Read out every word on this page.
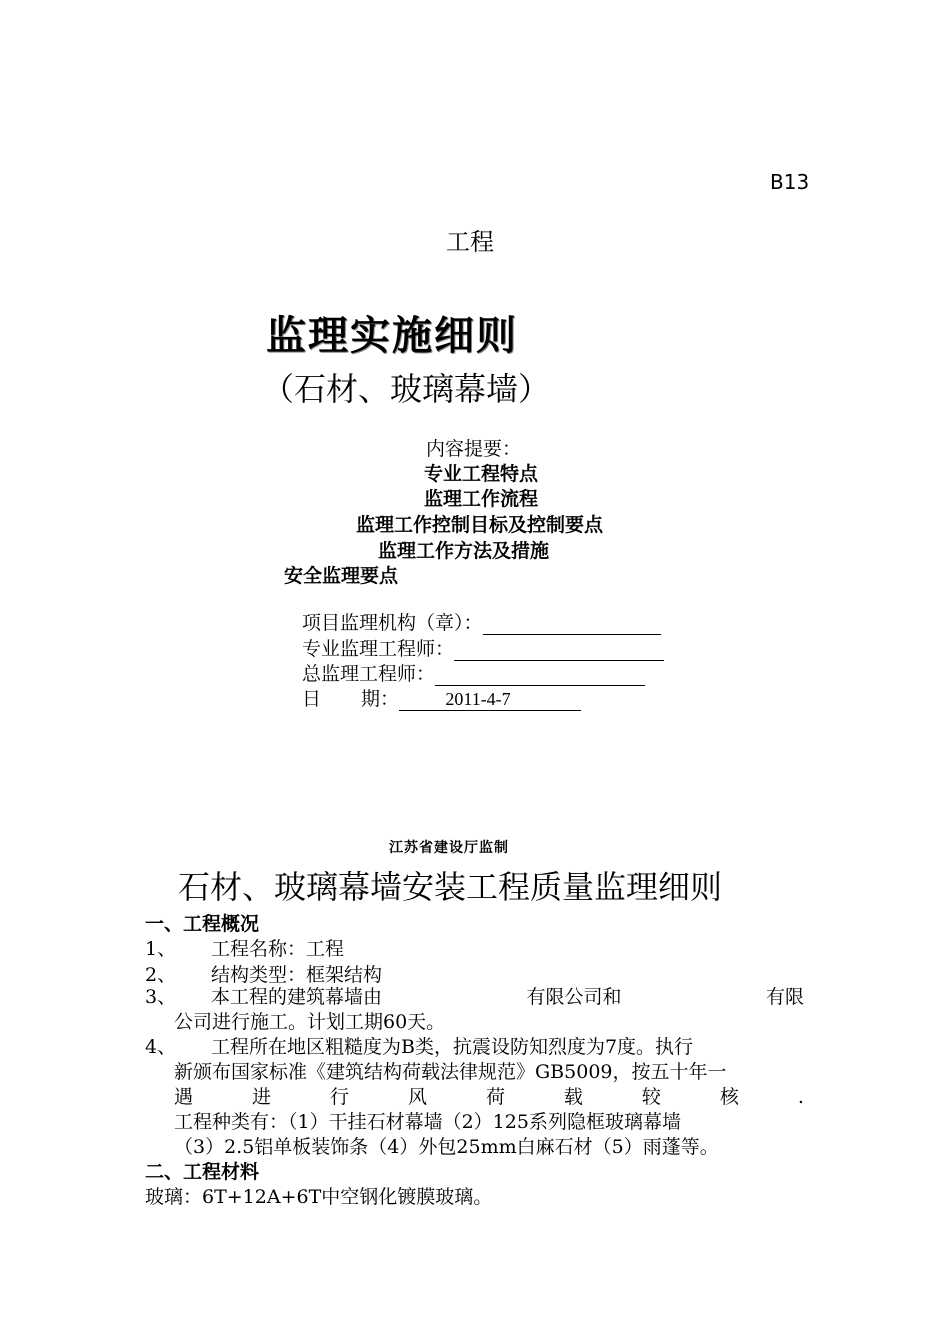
B13
工程
监理实施细则
（石材、玻璃幕墙）
内容提要：
专业工程特点
监理工作流程
监理工作控制目标及控制要点
监理工作方法及措施
安全监理要点
项目监理机构（章）：
专业监理工程师：
总监理工程师：
日 期：	2011-4-7
江苏省建设厅监制
石材、玻璃幕墙安装工程质量监理细则
一、工程概况
1、 工程名称：工程
2、 结构类型：框架结构
3、 本工程的建筑幕墙由	有限公司和	有限
公司进行施工。计划工期60天。
4、 工程所在地区粗糙度为B类，抗震设防知烈度为7度。执行
新颁布国家标准《建筑结构荷载法律规范》GB5009，按五十年一
遇	进	行	风	荷	载	较	核	.
工程种类有：（1）干挂石材幕墙（2）125系列隐框玻璃幕墙
（3）2.5铝单板装饰条（4）外包25mm白麻石材（5）雨蓬等。
二、工程材料
玻璃：6T+12A+6T中空钢化镀膜玻璃。
